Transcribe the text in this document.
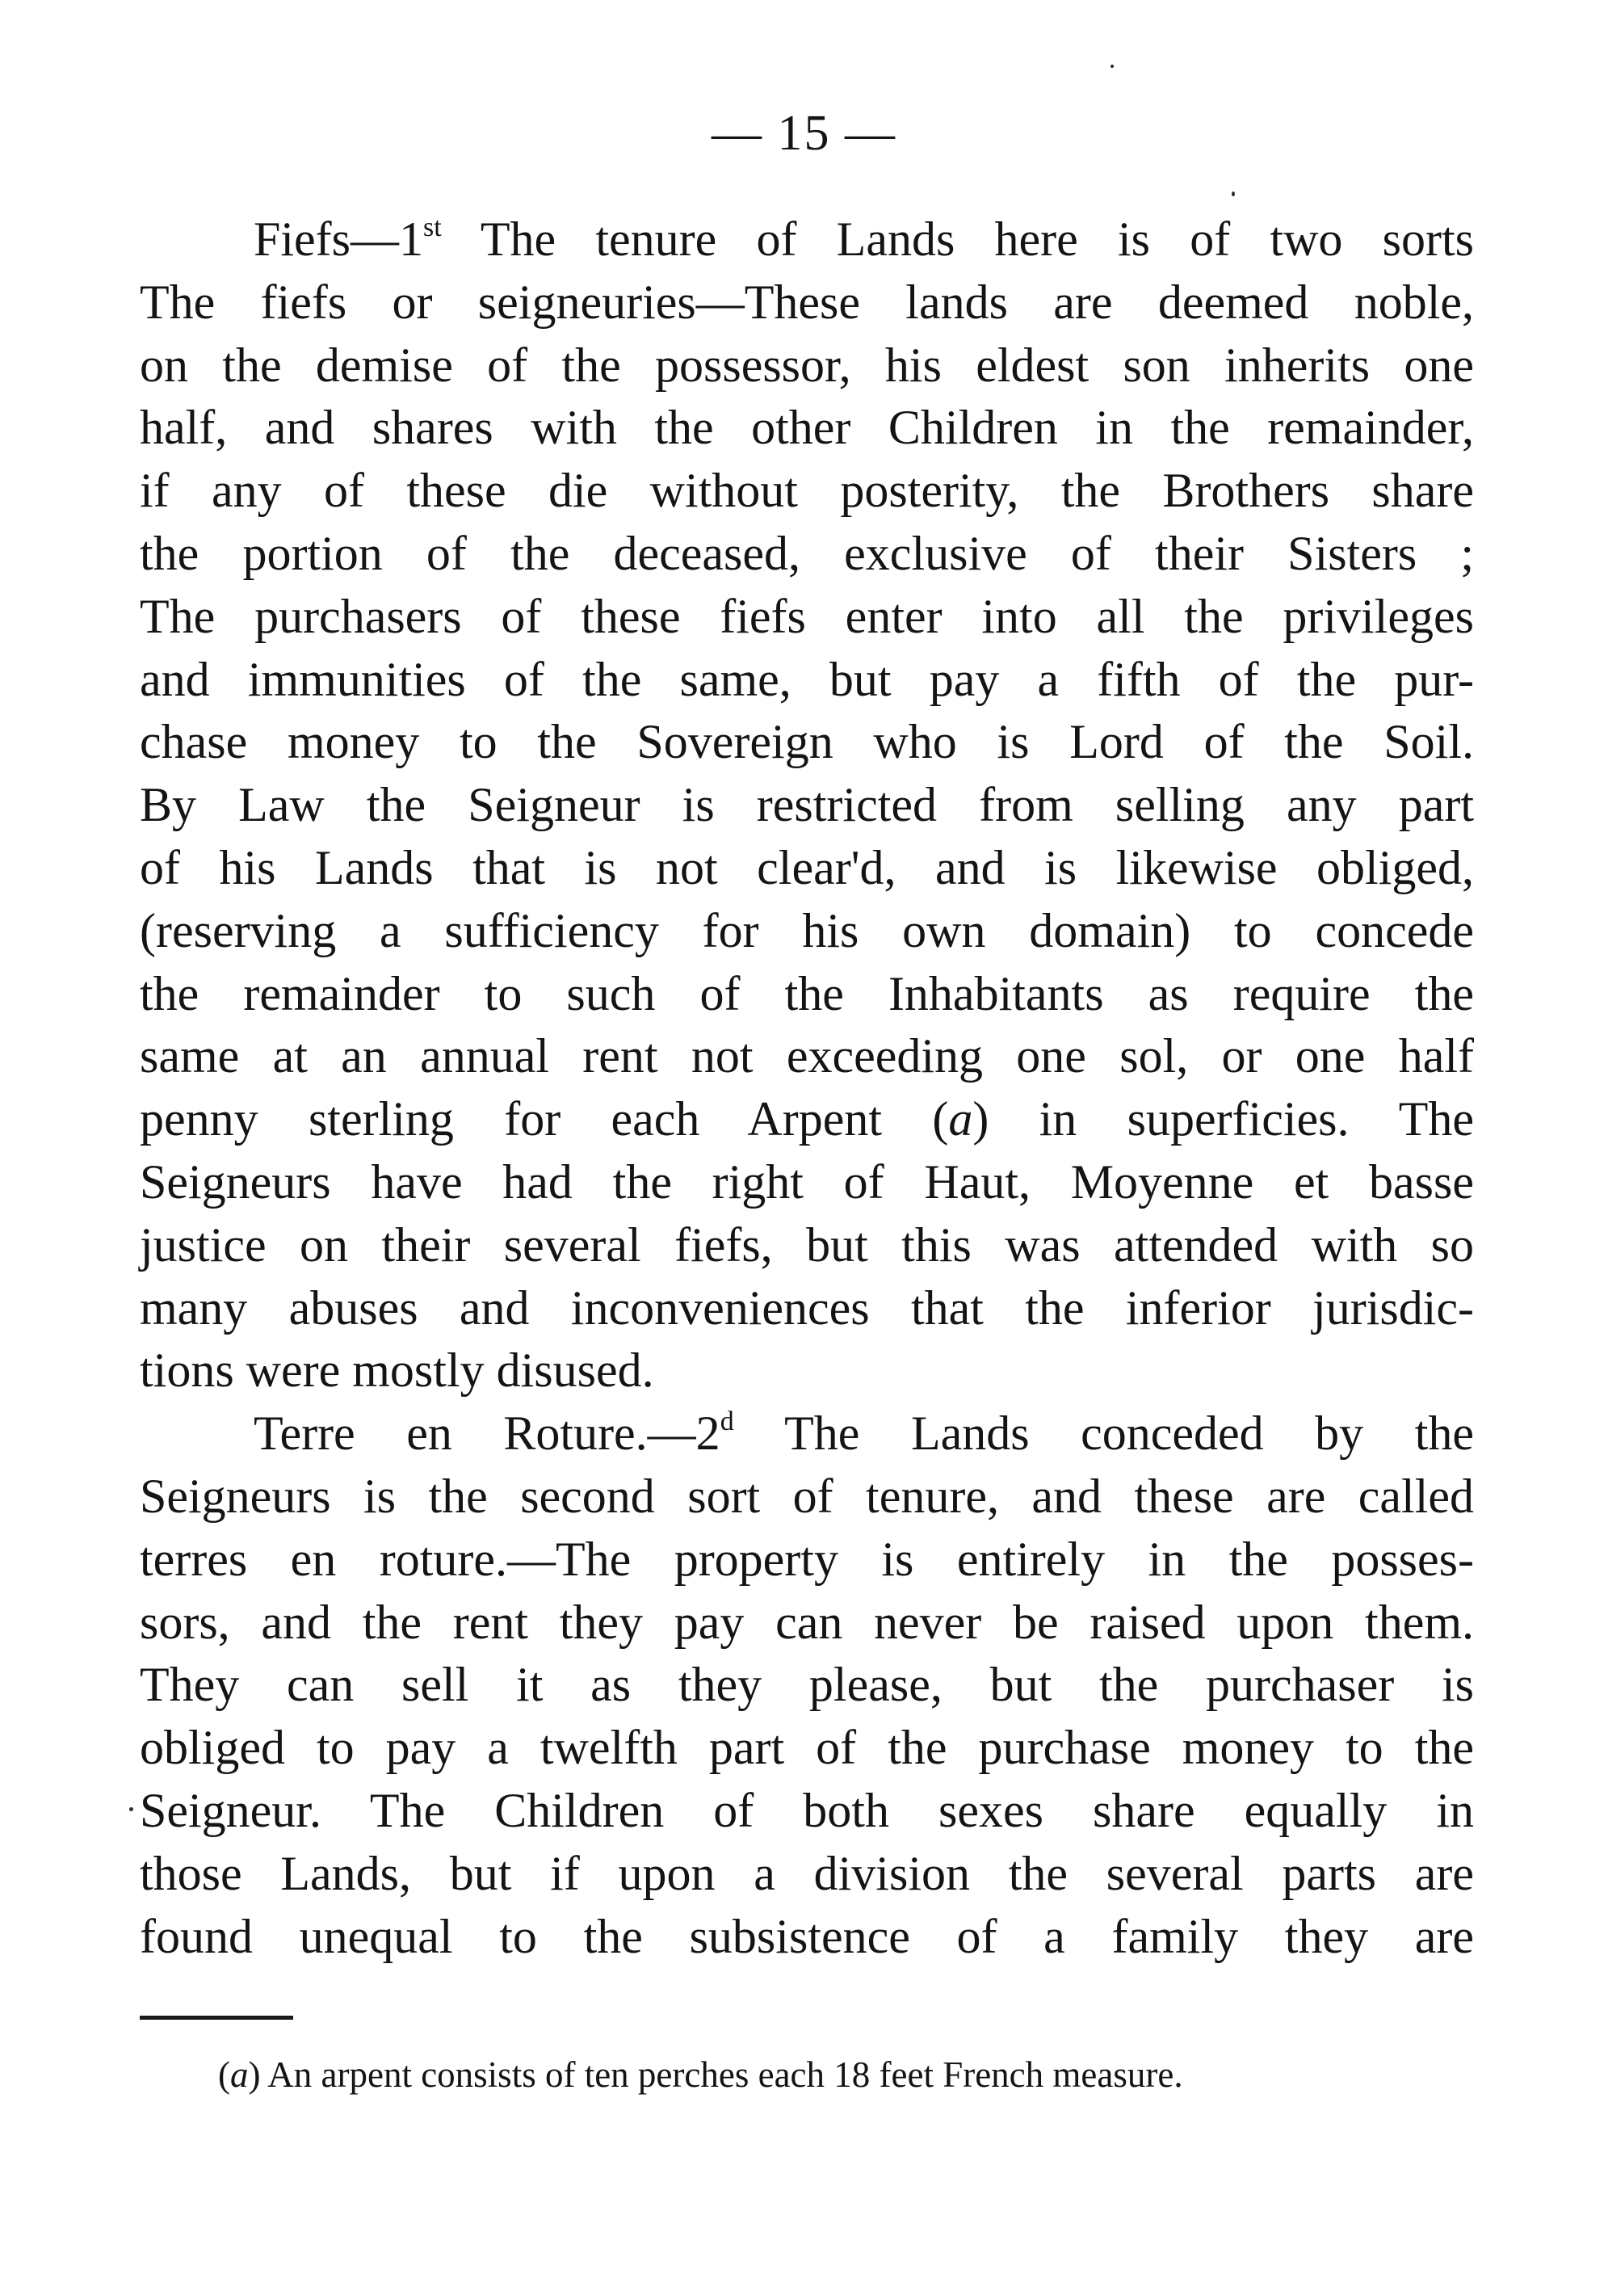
— 15 —
Fiefs—1st The tenure of Lands here is of two sorts
The fiefs or seigneuries—These lands are deemed noble,
on the demise of the possessor, his eldest son inherits one
half, and shares with the other Children in the remainder,
if any of these die without posterity, the Brothers share
the portion of the deceased, exclusive of their Sisters ;
The purchasers of these fiefs enter into all the privileges
and immunities of the same, but pay a fifth of the pur-
chase money to the Sovereign who is Lord of the Soil.
By Law the Seigneur is restricted from selling any part
of his Lands that is not clear'd, and is likewise obliged,
(reserving a sufficiency for his own domain) to concede
the remainder to such of the Inhabitants as require the
same at an annual rent not exceeding one sol, or one half
penny sterling for each Arpent (a) in superficies. The
Seigneurs have had the right of Haut, Moyenne et basse
justice on their several fiefs, but this was attended with so
many abuses and inconveniences that the inferior jurisdic-
tions were mostly disused.
Terre en Roture.—2$^d$ The Lands conceded by the
Seigneurs is the second sort of tenure, and these are called
terres en roture.—The property is entirely in the posses-
sors, and the rent they pay can never be raised upon them.
They can sell it as they please, but the purchaser is
obliged to pay a twelfth part of the purchase money to the
Seigneur. The Children of both sexes share equally in
those Lands, but if upon a division the several parts are
found unequal to the subsistence of a family they are
(a) An arpent consists of ten perches each 18 feet French measure.
